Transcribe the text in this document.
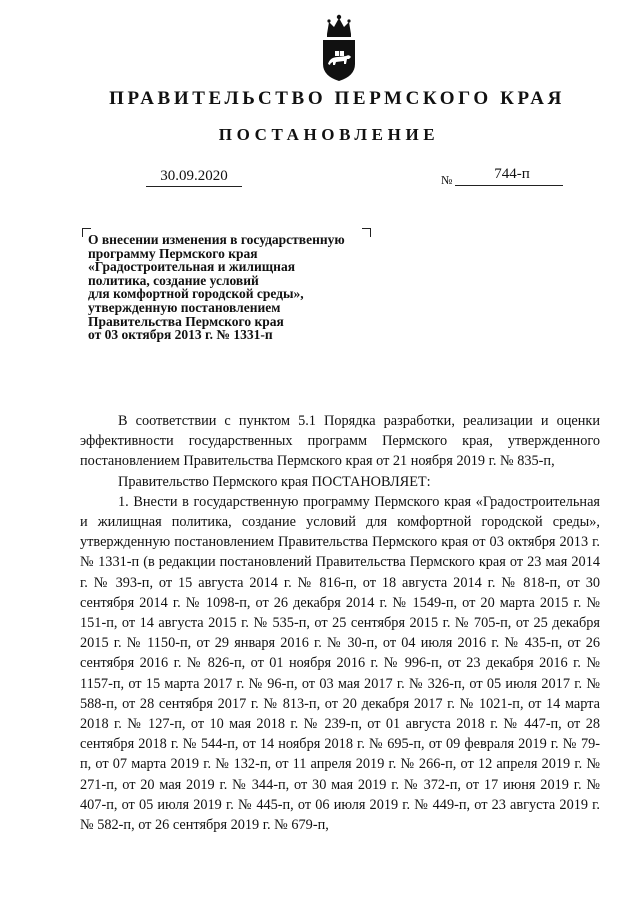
ПРАВИТЕЛЬСТВО ПЕРМСКОГО КРАЯ
ПОСТАНОВЛЕНИЕ
30.09.2020	№	744-п
О внесении изменения в государственную
программу Пермского края
«Градостроительная и жилищная
политика, создание условий
для комфортной городской среды»,
утвержденную постановлением
Правительства Пермского края
от 03 октября 2013 г. № 1331-п

В соответствии с пунктом 5.1 Порядка разработки, реализации и оценки эффективности государственных программ Пермского края, утвержденного постановлением Правительства Пермского края от 21 ноября 2019 г. № 835-п,

Правительство Пермского края ПОСТАНОВЛЯЕТ:

1. Внести в государственную программу Пермского края «Градостроительная и жилищная политика, создание условий для комфортной городской среды», утвержденную постановлением Правительства Пермского края от 03 октября 2013 г. № 1331-п (в редакции постановлений Правительства Пермского края от 23 мая 2014 г. № 393-п, от 15 августа 2014 г. № 816-п, от 18 августа 2014 г. № 818-п, от 30 сентября 2014 г. № 1098-п, от 26 декабря 2014 г. № 1549-п, от 20 марта 2015 г. № 151-п, от 14 августа 2015 г. № 535-п, от 25 сентября 2015 г. № 705-п, от 25 декабря 2015 г. № 1150-п, от 29 января 2016 г. № 30-п, от 04 июля 2016 г. № 435-п, от 26 сентября 2016 г. № 826-п, от 01 ноября 2016 г. № 996-п, от 23 декабря 2016 г. № 1157-п, от 15 марта 2017 г. № 96-п, от 03 мая 2017 г. № 326-п, от 05 июля 2017 г. № 588-п, от 28 сентября 2017 г. № 813-п, от 20 декабря 2017 г. № 1021-п, от 14 марта 2018 г. № 127-п, от 10 мая 2018 г. № 239-п, от 01 августа 2018 г. № 447-п, от 28 сентября 2018 г. № 544-п, от 14 ноября 2018 г. № 695-п, от 09 февраля 2019 г. № 79-п, от 07 марта 2019 г. № 132-п, от 11 апреля 2019 г. № 266-п, от 12 апреля 2019 г. № 271-п, от 20 мая 2019 г. № 344-п, от 30 мая 2019 г. № 372-п, от 17 июня 2019 г. № 407-п, от 05 июля 2019 г. № 445-п, от 06 июля 2019 г. № 449-п, от 23 августа 2019 г. № 582-п, от 26 сентября 2019 г. № 679-п,
